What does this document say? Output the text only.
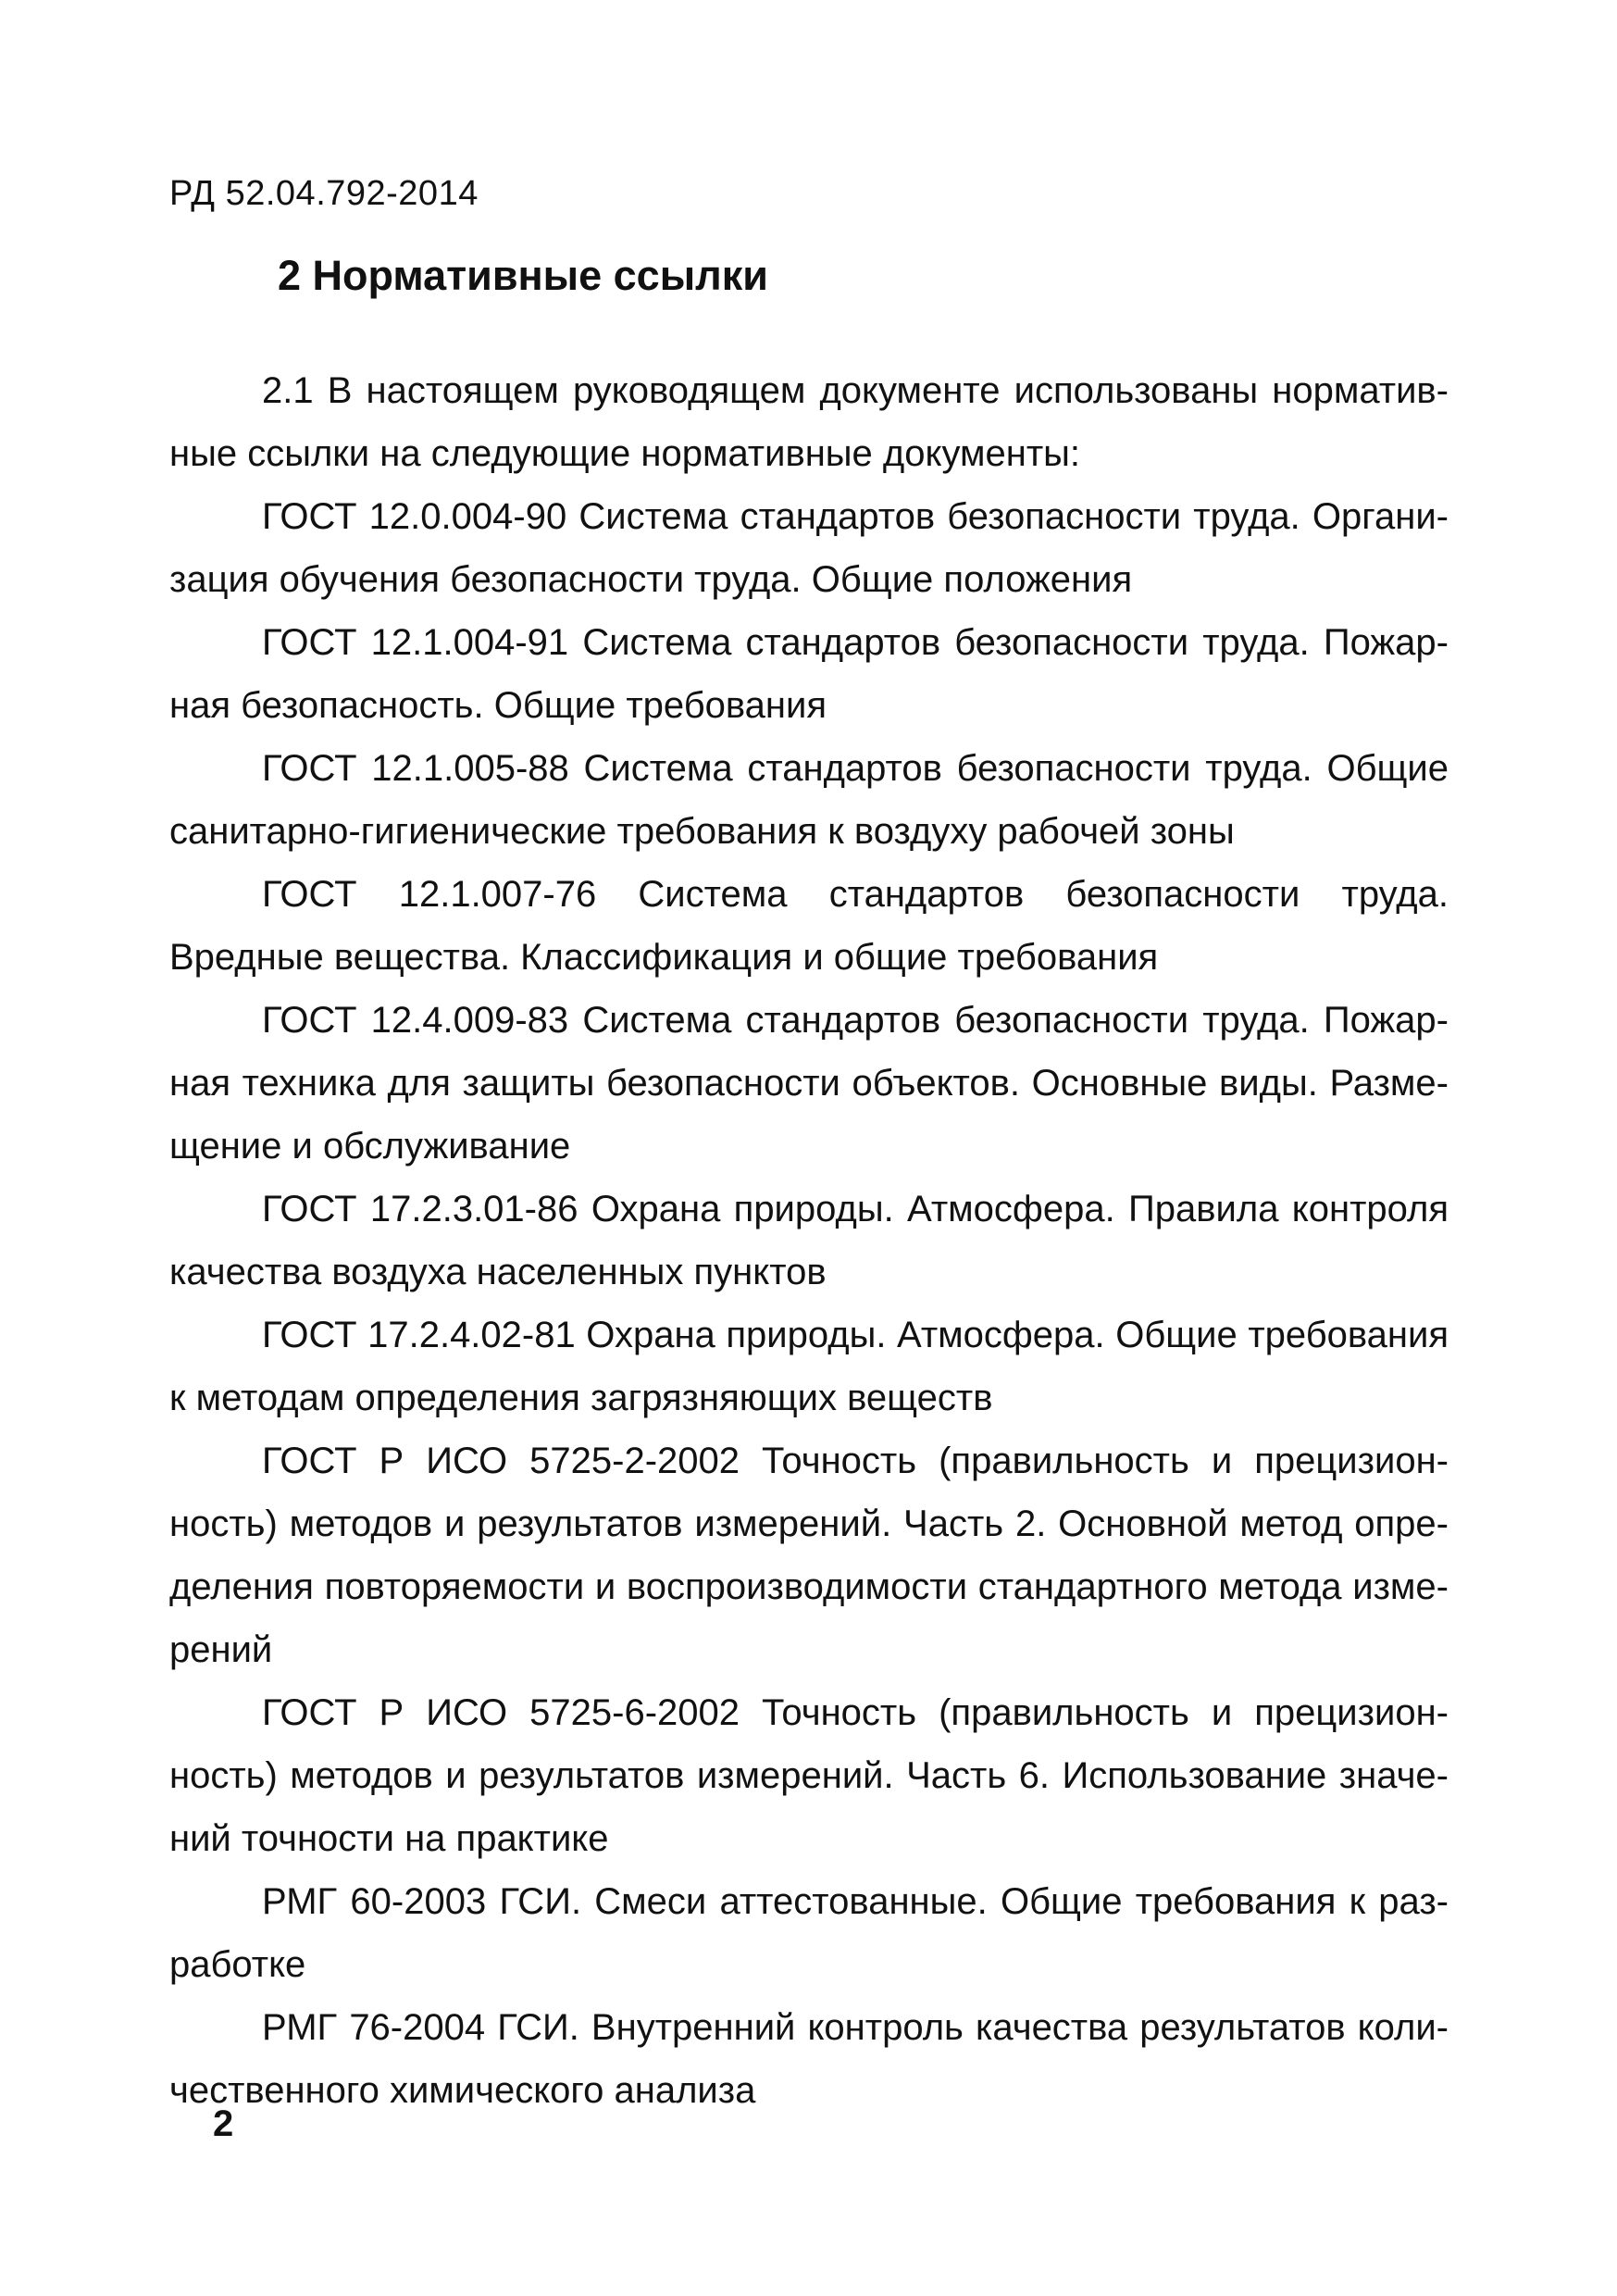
РД 52.04.792-2014
2 Нормативные ссылки

2.1 В настоящем руководящем документе использованы нормативные ссылки на следующие нормативные документы:

ГОСТ 12.0.004-90 Система стандартов безопасности труда. Организация обучения безопасности труда. Общие положения

ГОСТ 12.1.004-91 Система стандартов безопасности труда. Пожарная безопасность. Общие требования

ГОСТ 12.1.005-88 Система стандартов безопасности труда. Общие санитарно-гигиенические требования к воздуху рабочей зоны

ГОСТ 12.1.007-76 Система стандартов безопасности труда. Вредные вещества. Классификация и общие требования

ГОСТ 12.4.009-83 Система стандартов безопасности труда. Пожарная техника для защиты безопасности объектов. Основные виды. Размещение и обслуживание

ГОСТ 17.2.3.01-86 Охрана природы. Атмосфера. Правила контроля качества воздуха населенных пунктов

ГОСТ 17.2.4.02-81 Охрана природы. Атмосфера. Общие требования к методам определения загрязняющих веществ

ГОСТ Р ИСО 5725-2-2002 Точность (правильность и прецизионность) методов и результатов измерений. Часть 2. Основной метод определения повторяемости и воспроизводимости стандартного метода измерений

ГОСТ Р ИСО 5725-6-2002 Точность (правильность и прецизионность) методов и результатов измерений. Часть 6. Использование значений точности на практике

РМГ 60-2003 ГСИ. Смеси аттестованные. Общие требования к разработке

РМГ 76-2004 ГСИ. Внутренний контроль качества результатов количественного химического анализа

2
